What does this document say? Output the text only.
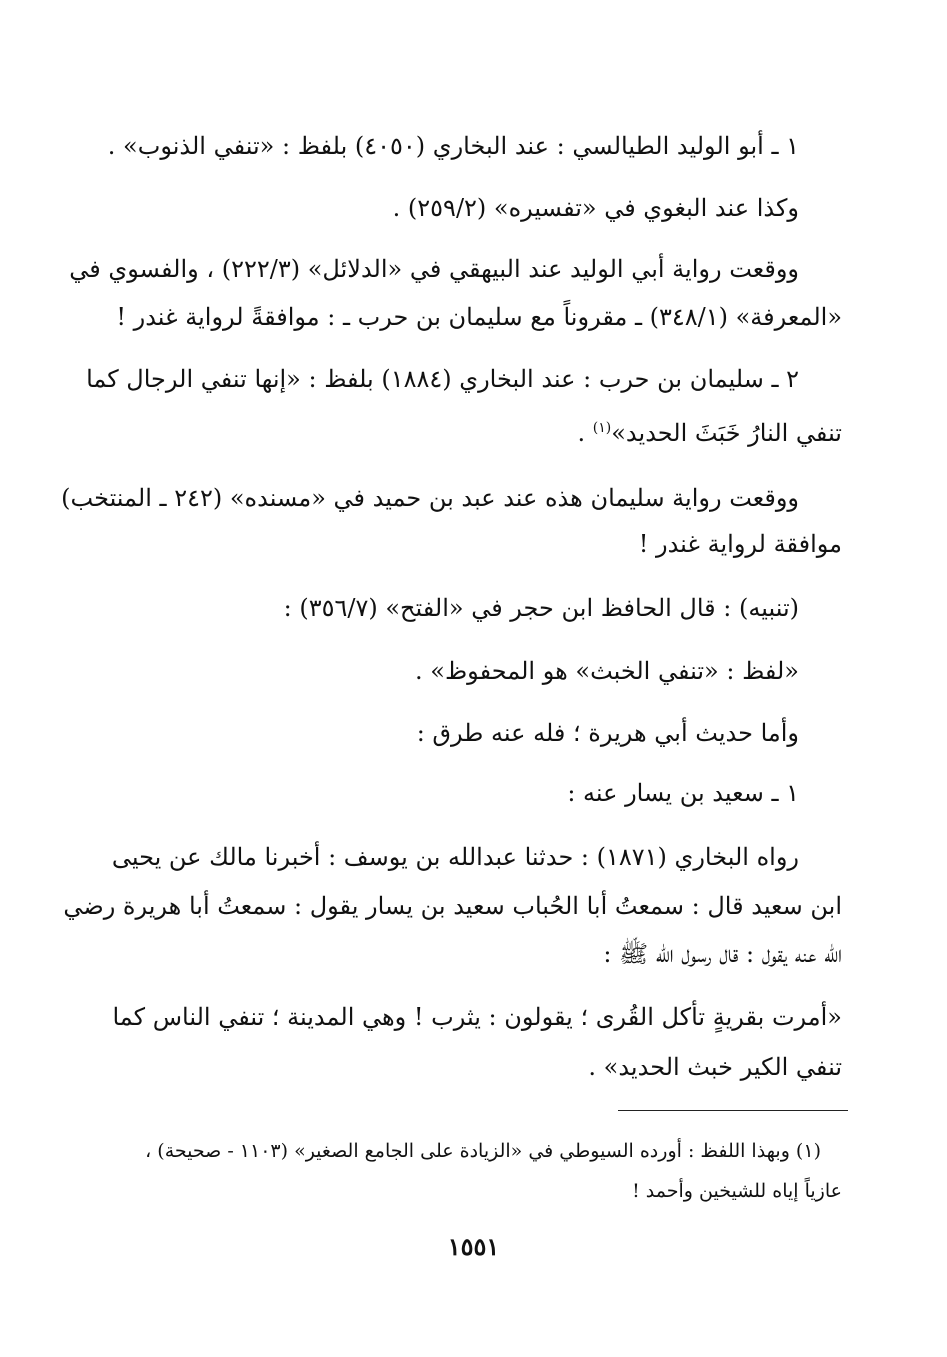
١ ـ أبو الوليد الطيالسي : عند البخاري (٤٠٥٠) بلفظ : «تنفي الذنوب» .
وكذا عند البغوي في «تفسيره» (٢٥٩/٢) .
ووقعت رواية أبي الوليد عند البيهقي في «الدلائل» (٢٢٢/٣) ، والفسوي في
«المعرفة» (٣٤٨/١) ـ مقروناً مع سليمان بن حرب ـ : موافقةً لرواية غندر !
٢ ـ سليمان بن حرب : عند البخاري (١٨٨٤) بلفظ : «إنها تنفي الرجال كما
تنفي النارُ خَبَثَ الحديد»$^{(١)}$ .
ووقعت رواية سليمان هذه عند عبد بن حميد في «مسنده» (٢٤٢ ـ المنتخب)
موافقة لرواية غندر !
(تنبيه) : قال الحافظ ابن حجر في «الفتح» (٣٥٦/٧) :
«لفظ : «تنفي الخبث» هو المحفوظ» .
وأما حديث أبي هريرة ؛ فله عنه طرق :
١ ـ سعيد بن يسار عنه :
رواه البخاري (١٨٧١) : حدثنا عبدالله بن يوسف : أخبرنا مالك عن يحيى
ابن سعيد قال : سمعتُ أبا الحُباب سعيد بن يسار يقول : سمعتُ أبا هريرة رضي
الله عنه يقول : قال رسول الله ﷺ :
«أمرت بقريةٍ تأكل القُرى ؛ يقولون : يثرب ! وهي المدينة ؛ تنفي الناس كما
تنفي الكير خبث الحديد» .
(١) وبهذا اللفظ : أورده السيوطي في «الزيادة على الجامع الصغير» (١١٠٣ - صحيحة) ،
عازياً إياه للشيخين وأحمد !
١٥٥١
